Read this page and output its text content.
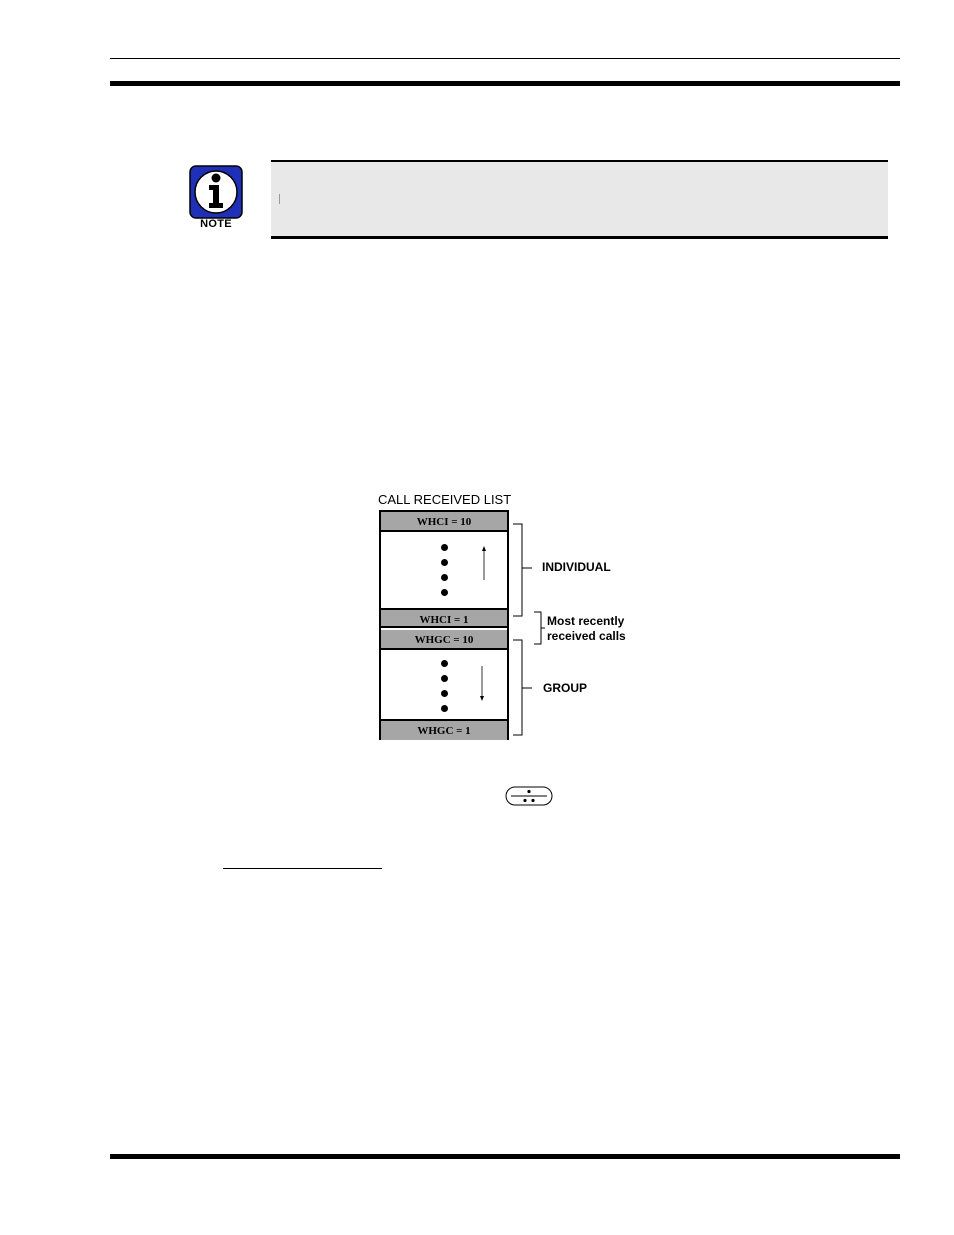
NOTE
CALL RECEIVED LIST
WHCI = 10
WHCI = 1
WHGC = 10
WHGC = 1
INDIVIDUAL
Most recently
received calls
GROUP
